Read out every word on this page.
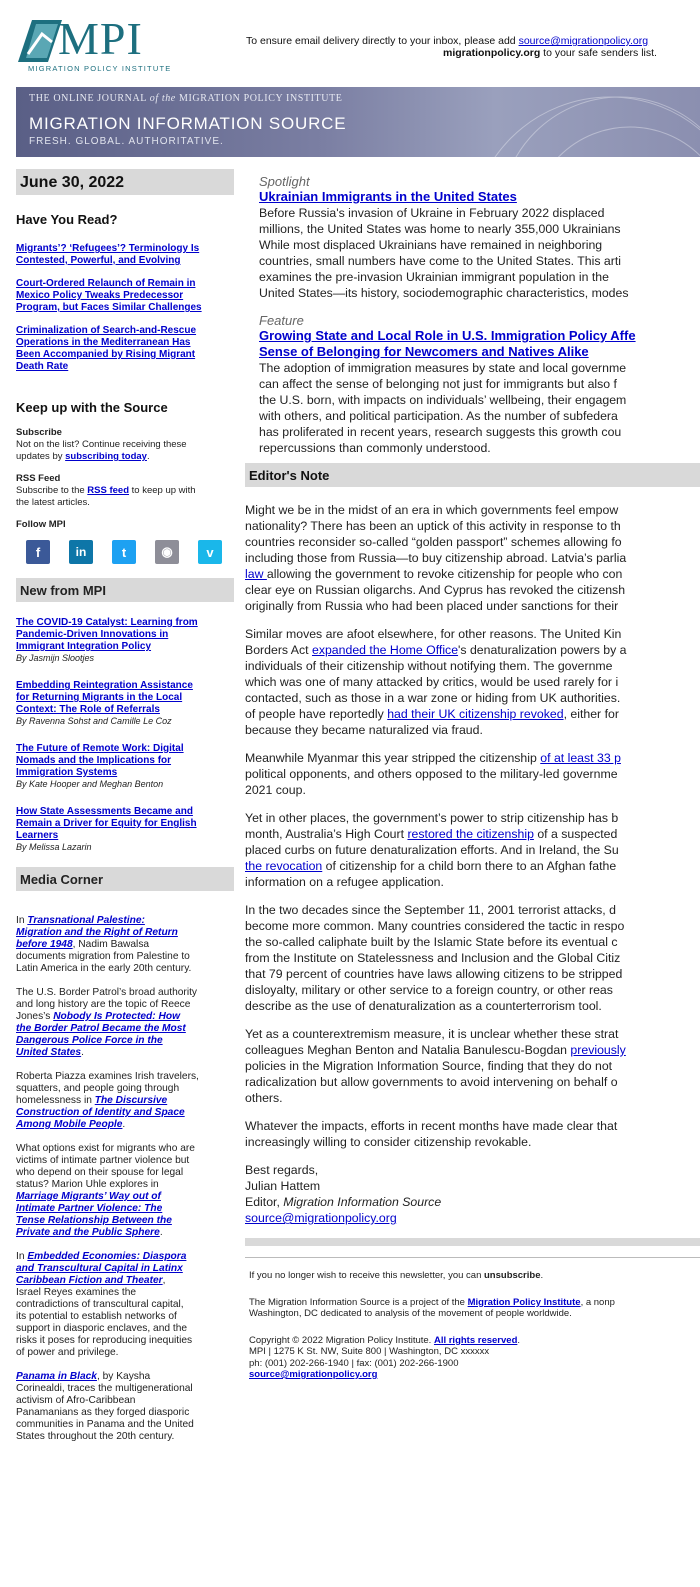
MPI
MIGRATION POLICY INSTITUTE
To ensure email delivery directly to your inbox, please add source@migrationpolicy.org
migrationpolicy.org to your safe senders list.
THE ONLINE JOURNAL of the MIGRATION POLICY INSTITUTE
MIGRATION INFORMATION SOURCE
FRESH. GLOBAL. AUTHORITATIVE.
June 30, 2022
Have You Read?
Migrants’? ‘Refugees’? Terminology Is
Contested, Powerful, and Evolving
Court-Ordered Relaunch of Remain in
Mexico Policy Tweaks Predecessor
Program, but Faces Similar Challenges
Criminalization of Search-and-Rescue
Operations in the Mediterranean Has
Been Accompanied by Rising Migrant
Death Rate
Keep up with the Source
Subscribe
Not on the list? Continue receiving these
updates by subscribing today.
RSS Feed
Subscribe to the RSS feed to keep up with
the latest articles.
Follow MPI
f	in	t	◉	v
New from MPI
The COVID-19 Catalyst: Learning from
Pandemic-Driven Innovations in
Immigrant Integration Policy
By Jasmijn Slootjes
Embedding Reintegration Assistance
for Returning Migrants in the Local
Context: The Role of Referrals
By Ravenna Sohst and Camille Le Coz
The Future of Remote Work: Digital
Nomads and the Implications for
Immigration Systems
By Kate Hooper and Meghan Benton
How State Assessments Became and
Remain a Driver for Equity for English
Learners
By Melissa Lazarin
Media Corner

In Transnational Palestine:
Migration and the Right of Return
before 1948, Nadim Bawalsa
documents migration from Palestine to
Latin America in the early 20th century.

The U.S. Border Patrol’s broad authority
and long history are the topic of Reece
Jones’s Nobody Is Protected: How
the Border Patrol Became the Most
Dangerous Police Force in the
United States.

Roberta Piazza examines Irish travelers,
squatters, and people going through
homelessness in The Discursive
Construction of Identity and Space
Among Mobile People.

What options exist for migrants who are
victims of intimate partner violence but
who depend on their spouse for legal
status? Marion Uhle explores in
Marriage Migrants’ Way out of
Intimate Partner Violence: The
Tense Relationship Between the
Private and the Public Sphere.

In Embedded Economies: Diaspora
and Transcultural Capital in Latinx
Caribbean Fiction and Theater,
Israel Reyes examines the
contradictions of transcultural capital,
its potential to establish networks of
support in diasporic enclaves, and the
risks it poses for reproducing inequities
of power and privilege.

Panama in Black, by Kaysha
Corinealdi, traces the multigenerational
activism of Afro-Caribbean
Panamanians as they forged diasporic
communities in Panama and the United
States throughout the 20th century.

Spotlight
Ukrainian Immigrants in the United States
Before Russia's invasion of Ukraine in February 2022 displaced
millions, the United States was home to nearly 355,000 Ukrainians
While most displaced Ukrainians have remained in neighboring
countries, small numbers have come to the United States. This arti
examines the pre-invasion Ukrainian immigrant population in the
United States—its history, sociodemographic characteristics, modes
Feature
Growing State and Local Role in U.S. Immigration Policy Affe
Sense of Belonging for Newcomers and Natives Alike
The adoption of immigration measures by state and local governme
can affect the sense of belonging not just for immigrants but also f
the U.S. born, with impacts on individuals’ wellbeing, their engagem
with others, and political participation. As the number of subfedera
has proliferated in recent years, research suggests this growth cou
repercussions than commonly understood.
Editor's Note
Might we be in the midst of an era in which governments feel empow
nationality? There has been an uptick of this activity in response to th
countries reconsider so-called “golden passport” schemes allowing fo
including those from Russia—to buy citizenship abroad. Latvia’s parlia
law allowing the government to revoke citizenship for people who con
clear eye on Russian oligarchs. And Cyprus has revoked the citizensh
originally from Russia who had been placed under sanctions for their
Similar moves are afoot elsewhere, for other reasons. The United Kin
Borders Act expanded the Home Office's denaturalization powers by a
individuals of their citizenship without notifying them. The governme
which was one of many attacked by critics, would be used rarely for i
contacted, such as those in a war zone or hiding from UK authorities.
of people have reportedly had their UK citizenship revoked, either for
because they became naturalized via fraud.
Meanwhile Myanmar this year stripped the citizenship of at least 33 p
political opponents, and others opposed to the military-led governme
2021 coup.
Yet in other places, the government’s power to strip citizenship has b
month, Australia’s High Court restored the citizenship of a suspected
placed curbs on future denaturalization efforts. And in Ireland, the Su
the revocation of citizenship for a child born there to an Afghan fathe
information on a refugee application.
In the two decades since the September 11, 2001 terrorist attacks, d
become more common. Many countries considered the tactic in respo
the so-called caliphate built by the Islamic State before its eventual c
from the Institute on Statelessness and Inclusion and the Global Citiz
that 79 percent of countries have laws allowing citizens to be stripped
disloyalty, military or other service to a foreign country, or other reas
describe as the use of denaturalization as a counterterrorism tool.
Yet as a counterextremism measure, it is unclear whether these strat
colleagues Meghan Benton and Natalia Banulescu-Bogdan previously
policies in the Migration Information Source, finding that they do not
radicalization but allow governments to avoid intervening on behalf o
others.
Whatever the impacts, efforts in recent months have made clear that
increasingly willing to consider citizenship revokable.
Best regards,
Julian Hattem
Editor, Migration Information Source
source@migrationpolicy.org
If you no longer wish to receive this newsletter, you can unsubscribe.
The Migration Information Source is a project of the Migration Policy Institute, a nonp
Washington, DC dedicated to analysis of the movement of people worldwide.
Copyright © 2022 Migration Policy Institute. All rights reserved.
MPI | 1275 K St. NW, Suite 800 | Washington, DC xxxxxx
ph: (001) 202-266-1940 | fax: (001) 202-266-1900
source@migrationpolicy.org
